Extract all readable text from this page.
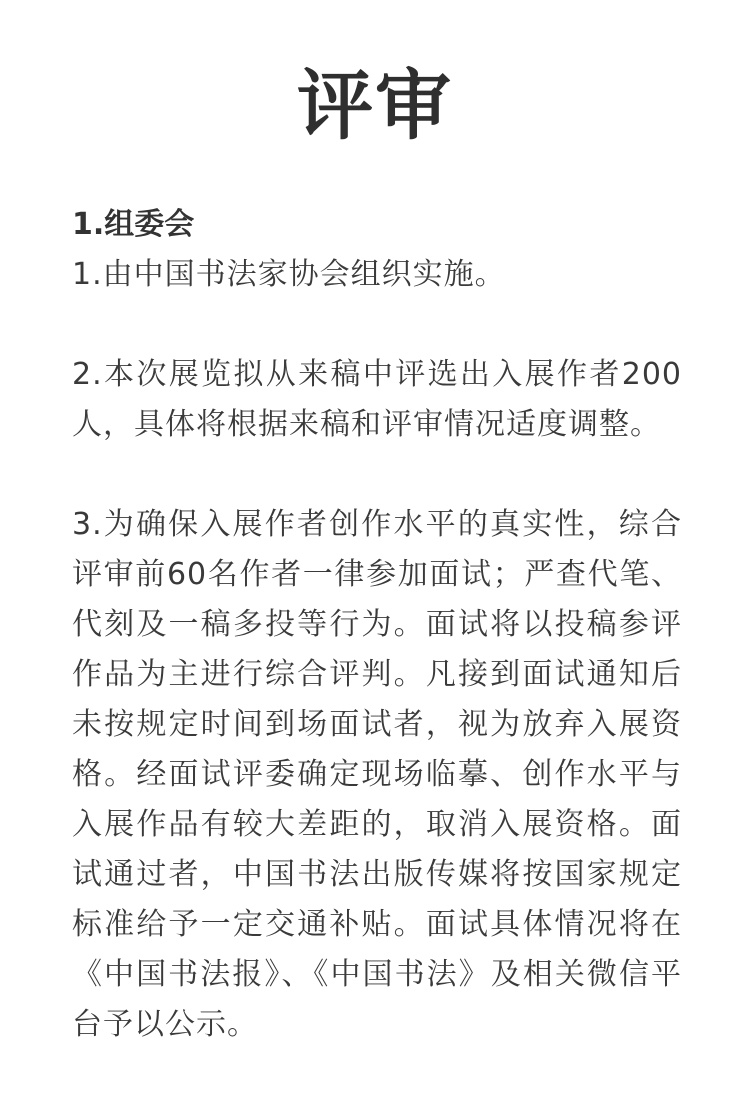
评审

1.组委会

1.由中国书法家协会组织实施。

2.本次展览拟从来稿中评选出入展作者200人，具体将根据来稿和评审情况适度调整。

3.为确保入展作者创作水平的真实性，综合评审前60名作者一律参加面试；严查代笔、代刻及一稿多投等行为。面试将以投稿参评作品为主进行综合评判。凡接到面试通知后未按规定时间到场面试者，视为放弃入展资格。经面试评委确定现场临摹、创作水平与入展作品有较大差距的，取消入展资格。面试通过者，中国书法出版传媒将按国家规定标准给予一定交通补贴。面试具体情况将在《中国书法报》、《中国书法》及相关微信平台予以公示。
